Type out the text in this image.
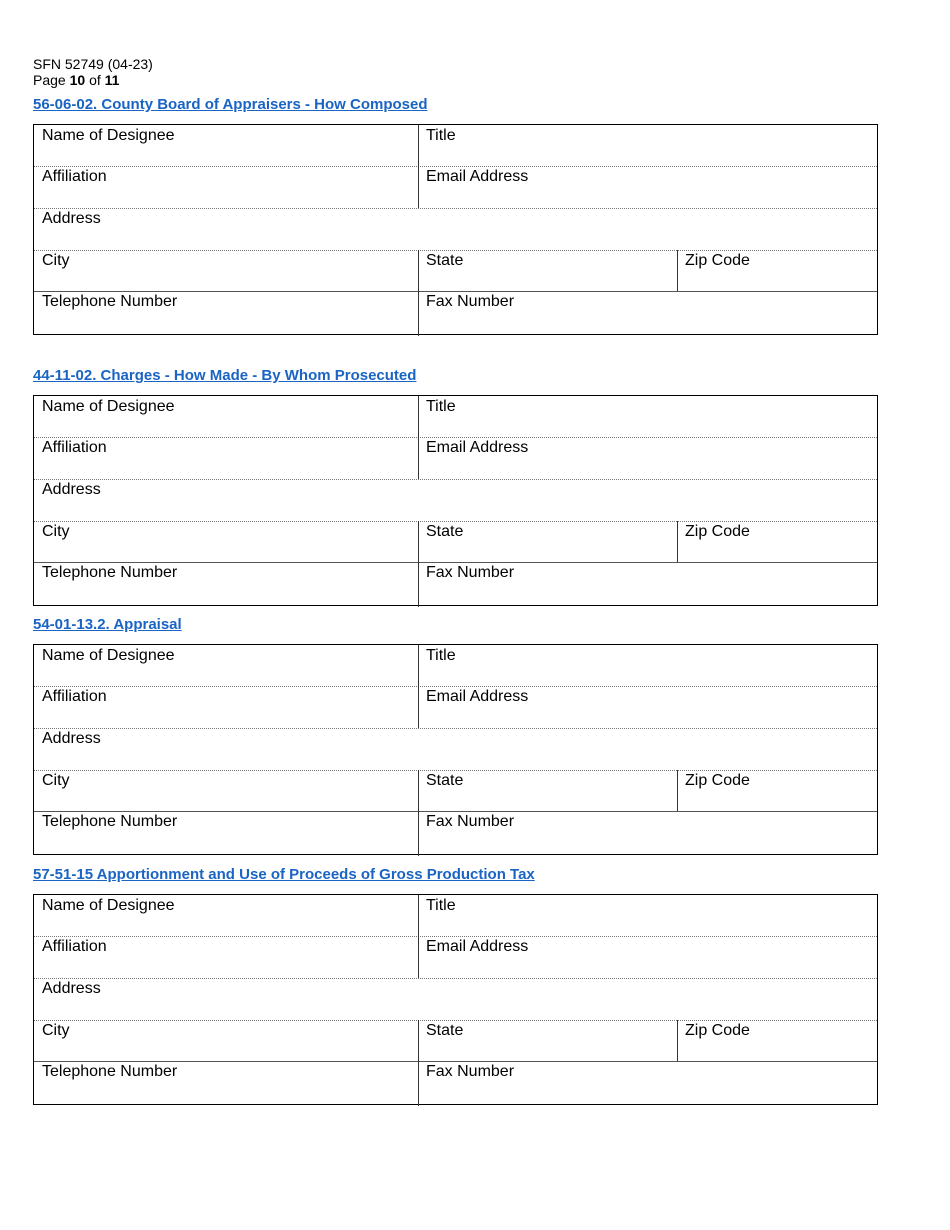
SFN 52749 (04-23)
Page 10 of 11
56-06-02. County Board of Appraisers - How Composed
Name of Designee	Title
Affiliation	Email Address
Address
City	State	Zip Code
Telephone Number	Fax Number
44-11-02. Charges - How Made - By Whom Prosecuted
Name of Designee	Title
Affiliation	Email Address
Address
City	State	Zip Code
Telephone Number	Fax Number
54-01-13.2. Appraisal
Name of Designee	Title
Affiliation	Email Address
Address
City	State	Zip Code
Telephone Number	Fax Number
57-51-15 Apportionment and Use of Proceeds of Gross Production Tax
Name of Designee	Title
Affiliation	Email Address
Address
City	State	Zip Code
Telephone Number	Fax Number
